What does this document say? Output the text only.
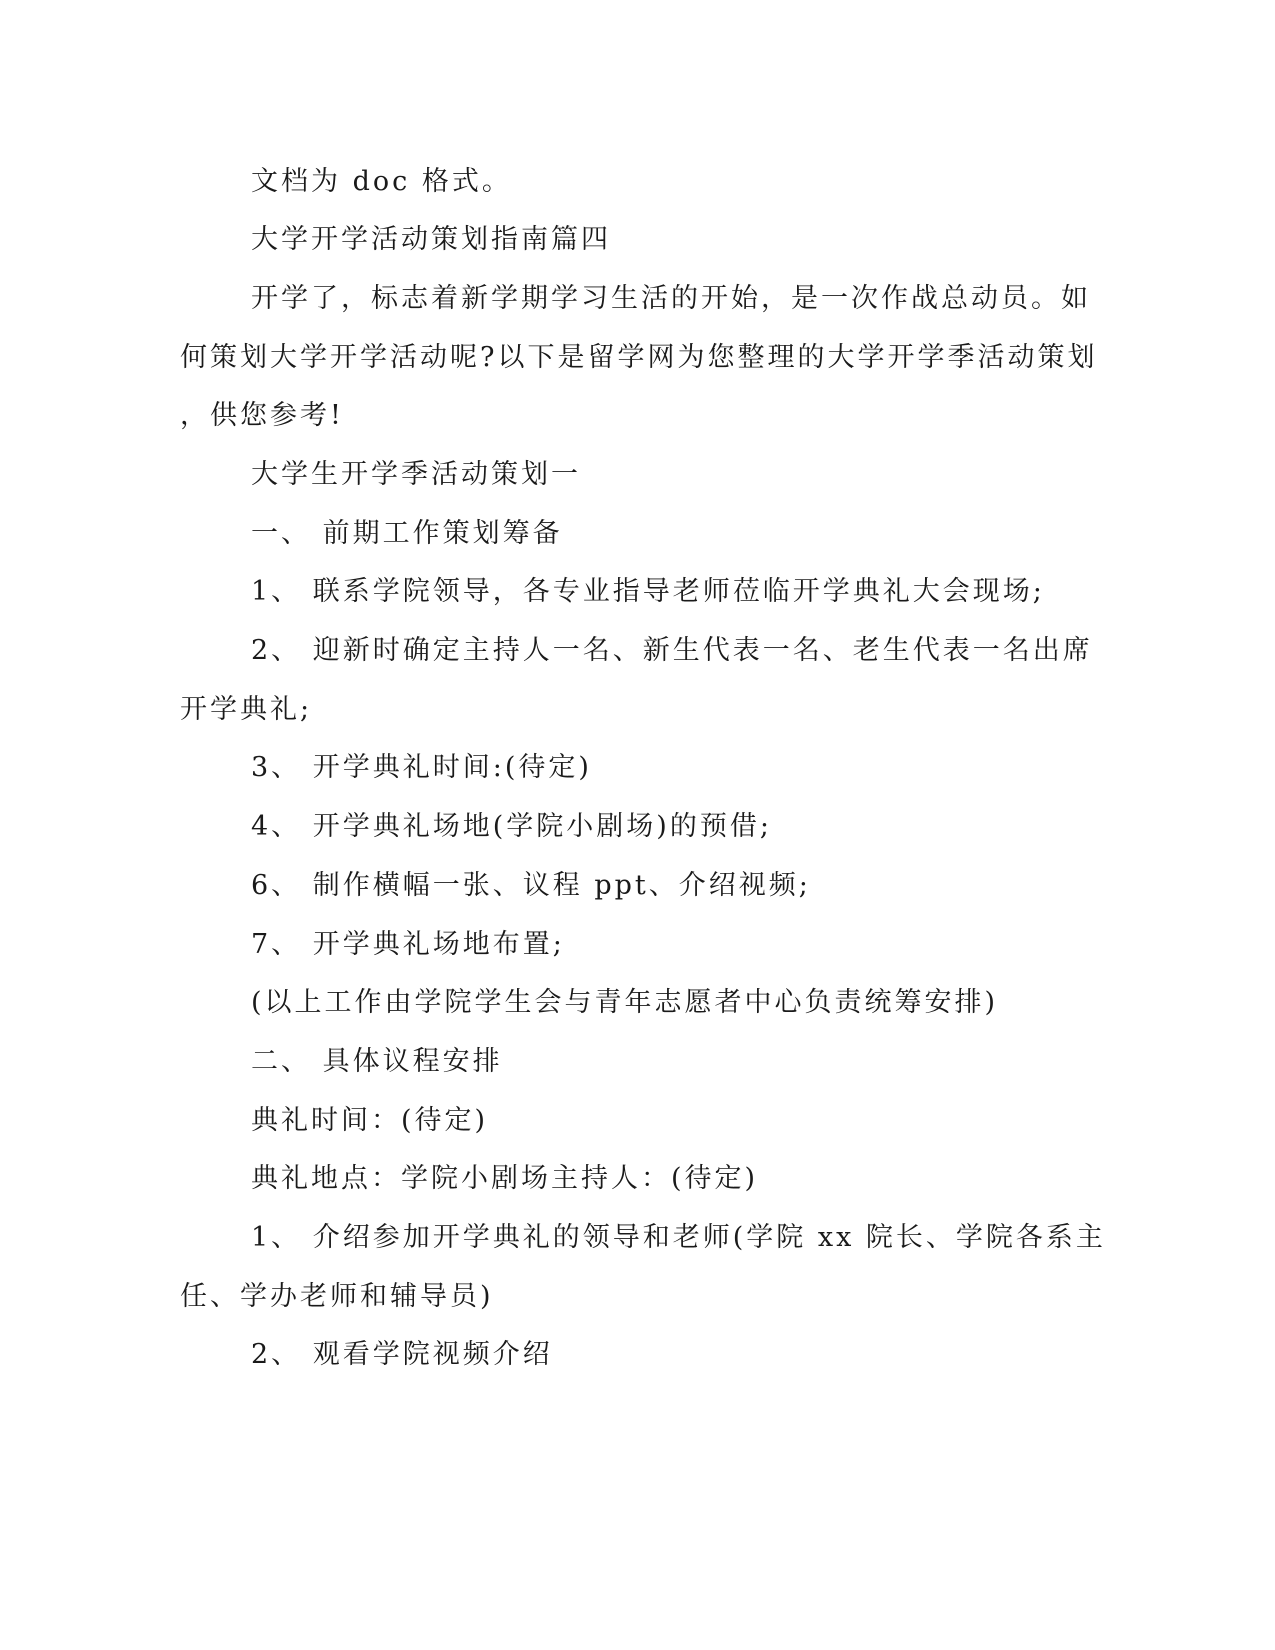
文档为 doc 格式。

大学开学活动策划指南篇四

开学了，标志着新学期学习生活的开始，是一次作战总动员。如

何策划大学开学活动呢?以下是留学网为您整理的大学开学季活动策划

，供您参考!

大学生开学季活动策划一

一、 前期工作策划筹备

1、 联系学院领导，各专业指导老师莅临开学典礼大会现场;

2、 迎新时确定主持人一名、新生代表一名、老生代表一名出席

开学典礼;

3、 开学典礼时间:(待定)

4、 开学典礼场地(学院小剧场)的预借;

6、 制作横幅一张、议程 ppt、介绍视频;

7、 开学典礼场地布置;

(以上工作由学院学生会与青年志愿者中心负责统筹安排)

二、 具体议程安排

典礼时间：(待定)

典礼地点：学院小剧场主持人：(待定)

1、 介绍参加开学典礼的领导和老师(学院 xx 院长、学院各系主

任、学办老师和辅导员)

2、 观看学院视频介绍
